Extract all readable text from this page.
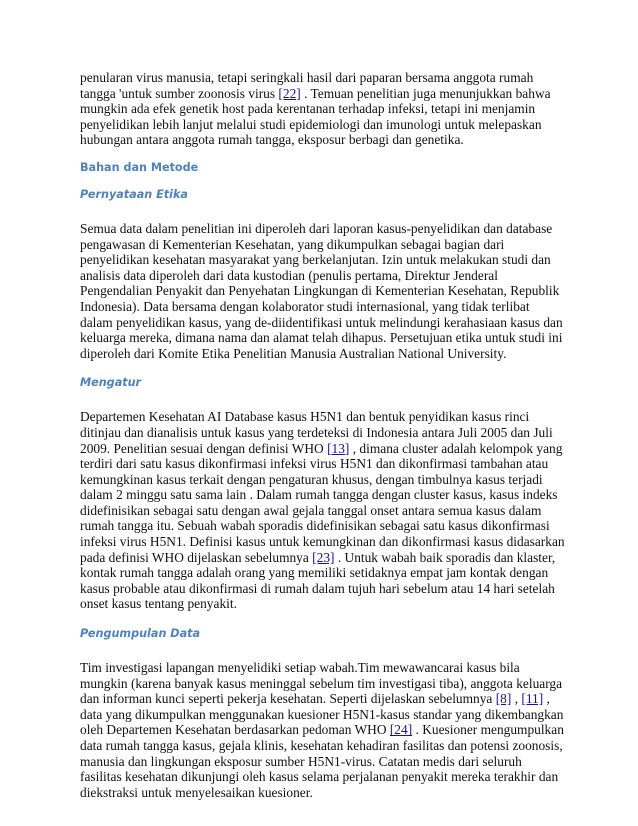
penularan virus manusia, tetapi seringkali hasil dari paparan bersama anggota rumah tangga 'untuk sumber zoonosis virus [22] . Temuan penelitian juga menunjukkan bahwa mungkin ada efek genetik host pada kerentanan terhadap infeksi, tetapi ini menjamin penyelidikan lebih lanjut melalui studi epidemiologi dan imunologi untuk melepaskan hubungan antara anggota rumah tangga, eksposur berbagi dan genetika.

Bahan dan Metode
Pernyataan Etika

Semua data dalam penelitian ini diperoleh dari laporan kasus-penyelidikan dan database pengawasan di Kementerian Kesehatan, yang dikumpulkan sebagai bagian dari penyelidikan kesehatan masyarakat yang berkelanjutan. Izin untuk melakukan studi dan analisis data diperoleh dari data kustodian (penulis pertama, Direktur Jenderal Pengendalian Penyakit dan Penyehatan Lingkungan di Kementerian Kesehatan, Republik Indonesia). Data bersama dengan kolaborator studi internasional, yang tidak terlibat dalam penyelidikan kasus, yang de-diidentifikasi untuk melindungi kerahasiaan kasus dan keluarga mereka, dimana nama dan alamat telah dihapus. Persetujuan etika untuk studi ini diperoleh dari Komite Etika Penelitian Manusia Australian National University.

Mengatur

Departemen Kesehatan AI Database kasus H5N1 dan bentuk penyidikan kasus rinci ditinjau dan dianalisis untuk kasus yang terdeteksi di Indonesia antara Juli 2005 dan Juli 2009. Penelitian sesuai dengan definisi WHO [13] , dimana cluster adalah kelompok yang terdiri dari satu kasus dikonfirmasi infeksi virus H5N1 dan dikonfirmasi tambahan atau kemungkinan kasus terkait dengan pengaturan khusus, dengan timbulnya kasus terjadi dalam 2 minggu satu sama lain . Dalam rumah tangga dengan cluster kasus, kasus indeks didefinisikan sebagai satu dengan awal gejala tanggal onset antara semua kasus dalam rumah tangga itu. Sebuah wabah sporadis didefinisikan sebagai satu kasus dikonfirmasi infeksi virus H5N1. Definisi kasus untuk kemungkinan dan dikonfirmasi kasus didasarkan pada definisi WHO dijelaskan sebelumnya [23] . Untuk wabah baik sporadis dan klaster, kontak rumah tangga adalah orang yang memiliki setidaknya empat jam kontak dengan kasus probable atau dikonfirmasi di rumah dalam tujuh hari sebelum atau 14 hari setelah onset kasus tentang penyakit.

Pengumpulan Data

Tim investigasi lapangan menyelidiki setiap wabah.Tim mewawancarai kasus bila mungkin (karena banyak kasus meninggal sebelum tim investigasi tiba), anggota keluarga dan informan kunci seperti pekerja kesehatan. Seperti dijelaskan sebelumnya [8] , [11] , data yang dikumpulkan menggunakan kuesioner H5N1-kasus standar yang dikembangkan oleh Departemen Kesehatan berdasarkan pedoman WHO [24] . Kuesioner mengumpulkan data rumah tangga kasus, gejala klinis, kesehatan kehadiran fasilitas dan potensi zoonosis, manusia dan lingkungan eksposur sumber H5N1-virus. Catatan medis dari seluruh fasilitas kesehatan dikunjungi oleh kasus selama perjalanan penyakit mereka terakhir dan diekstraksi untuk menyelesaikan kuesioner.
